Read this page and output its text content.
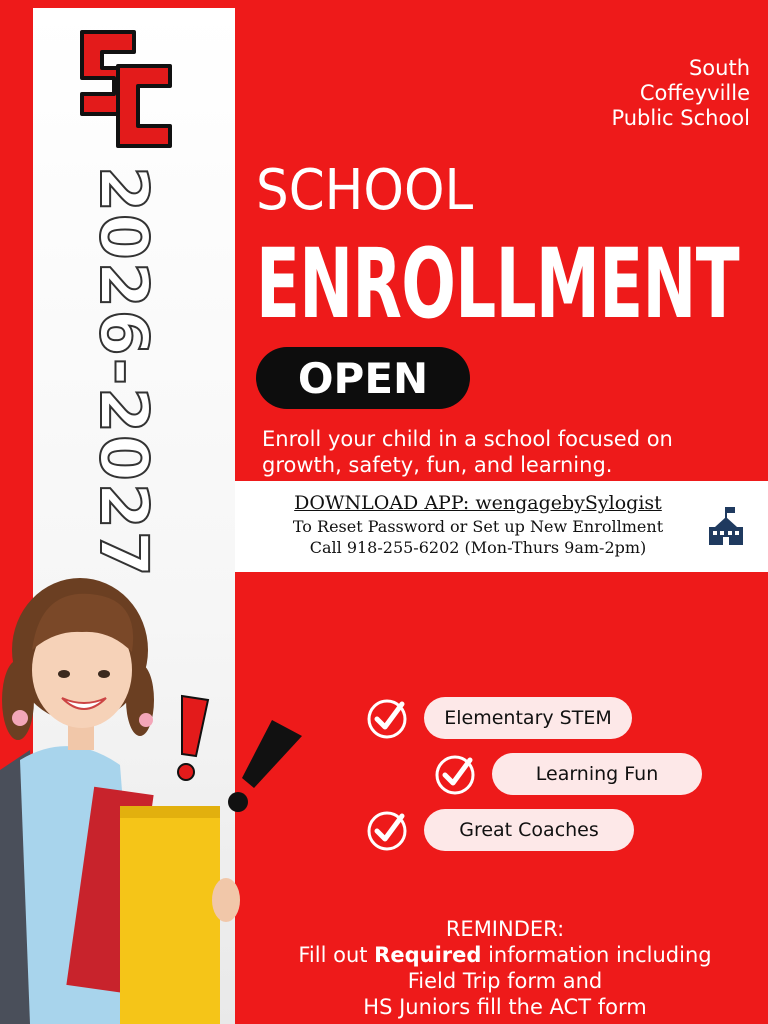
2026-2027
South
Coffeyville
Public School
SCHOOL
ENROLLMENT
OPEN
Enroll your child in a school focused on growth, safety, fun, and learning.
DOWNLOAD APP: wengagebySylogist
To Reset Password or Set up New Enrollment
Call 918-255-6202 (Mon-Thurs 9am-2pm)
Elementary STEM
Learning Fun
Great Coaches
REMINDER:
Fill out Required information including
Field Trip form and
HS Juniors fill the ACT form
